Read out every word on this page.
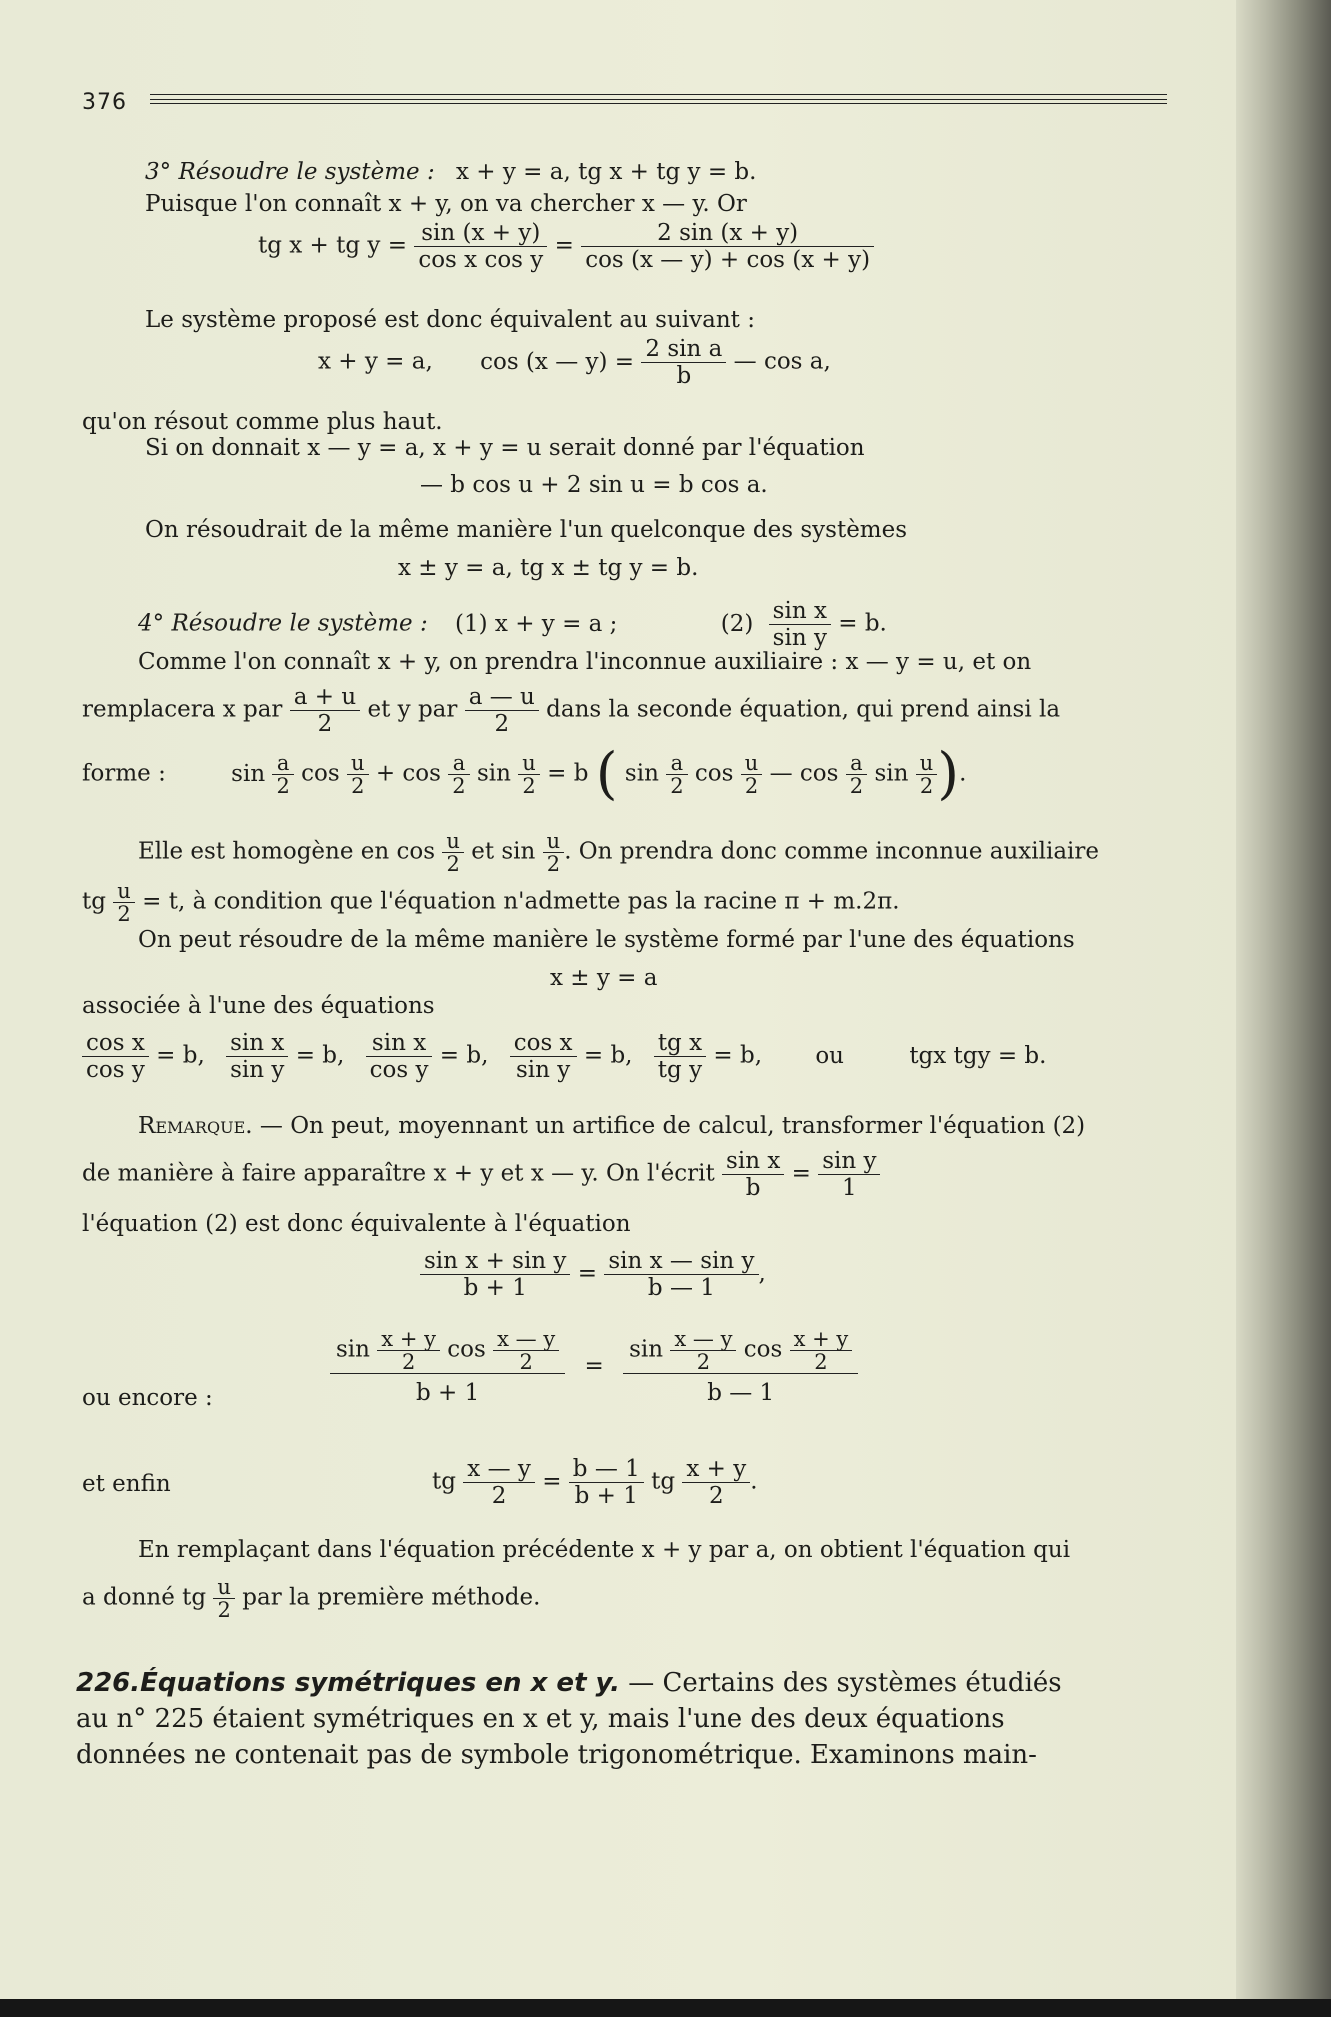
376
3° Résoudre le système : x + y = a, tg x + tg y = b.
Puisque l'on connaît x + y, on va chercher x — y. Or
tg x + tg $y = \frac{\sin (x + y)}{\text{cos x cos y}} = \frac{2 \sin (x + y)}{\cos (x — y) + \cos (x + y)}$
Le système proposé est donc équivalent au suivant :
x + y = a, cos (x — $y) = \frac{\text{2 sin a}}{b}$ — cos a,
qu'on résout comme plus haut.
Si on donnait x — y = a, x + y = u serait donné par l'équation
— b cos u + 2 sin u = b cos a.
On résoudrait de la même manière l'un quelconque des systèmes
x ± y = a, tg x ± tg y = b.
4° Résoudre le système : (1) x + y = a ;	$(2) \frac{\text{sin x}}{\text{sin y}} = b$.
Comme l'on connaît x + y, on prendra l'inconnue auxiliaire : x — y = u, et on
remplacera x par $\frac{a + u}{2}$ et y par $\frac{a — u}{2}$ dans la seconde équation, qui prend ainsi la
forme :	$\sin \frac{a}{2}$ $\cos \frac{u}{2} + \cos \frac{a}{2}$ $\sin \frac{u}{2} = b$ ( $\sin \frac{a}{2}$ $\cos \frac{u}{2}$ — $\cos \frac{a}{2}$ $\sin \frac{u}{2}$ ).
Elle est homogène en $\cos \frac{u}{2}$ et $\sin \frac{u}{2}$ . On prendra donc comme inconnue auxiliaire
tg $\frac{u}{2} = t$, à condition que l'équation n'admette pas la racine π + m.2π.
On peut résoudre de la même manière le système formé par l'une des équations
x ± y = a
associée à l'une des équations
$\frac{\text{cos x}}{\text{cos y}} = b$, $\frac{\text{sin x}}{\text{sin y}} = b$, $\frac{\text{sin x}}{\text{cos y}} = b$, $\frac{\text{cos x}}{\text{sin y}} = b$, $\frac{\text{tg x}}{\text{tg y}} = b$, ou	tgx tgy = b.
Remarque. — On peut, moyennant un artifice de calcul, transformer l'équation (2)
de manière à faire apparaître x + y et x — y. On l'écrit $\frac{\text{sin x}}{b} = \frac{\text{sin y}}{1}$
l'équation (2) est donc équivalente à l'équation
$\frac{\text{sin x + sin y}}{b + 1} = \frac{\text{sin x — sin y}}{b — 1}$ ,
ou encore :	$\frac{\sin \frac{x + y}{2} \cos \frac{x — y}{2}}{b + 1} = \frac{\sin \frac{x — y}{2} \cos \frac{x + y}{2}}{b — 1}$
et enfin	tg $\frac{x — y}{2} = \frac{b — 1}{b + 1}$ tg $\frac{x + y}{2}$ .
En remplaçant dans l'équation précédente x + y par a, on obtient l'équation qui
a donné tg $\frac{u}{2}$ par la première méthode.
226.Équations symétriques en x et y. — Certains des systèmes étudiés
au n° 225 étaient symétriques en x et y, mais l'une des deux équations
données ne contenait pas de symbole trigonométrique. Examinons main-
